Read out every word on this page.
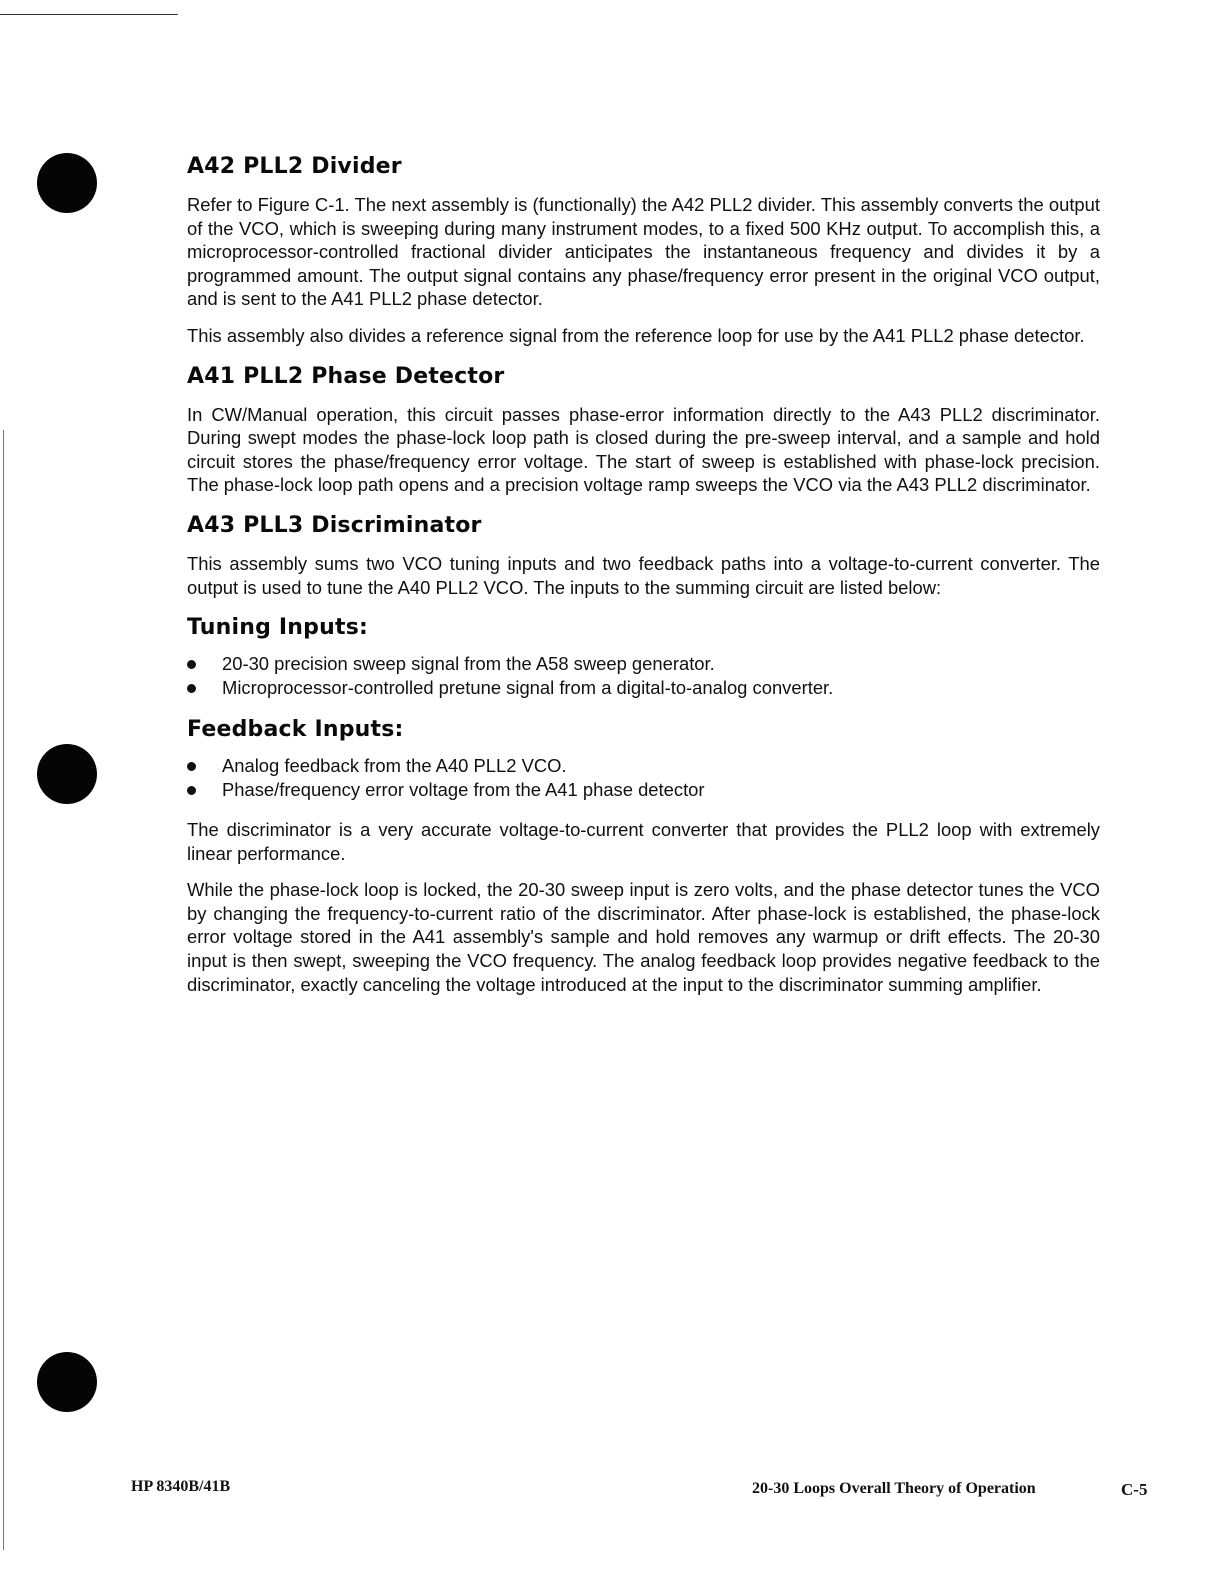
A42 PLL2 Divider

Refer to Figure C-1. The next assembly is (functionally) the A42 PLL2 divider. This assembly converts the output of the VCO, which is sweeping during many instrument modes, to a fixed 500 KHz output. To accomplish this, a microprocessor-controlled fractional divider anticipates the instantaneous frequency and divides it by a programmed amount. The output signal contains any phase/frequency error present in the original VCO output, and is sent to the A41 PLL2 phase detector.

This assembly also divides a reference signal from the reference loop for use by the A41 PLL2 phase detector.

A41 PLL2 Phase Detector

In CW/Manual operation, this circuit passes phase-error information directly to the A43 PLL2 discriminator. During swept modes the phase-lock loop path is closed during the pre-sweep interval, and a sample and hold circuit stores the phase/frequency error voltage. The start of sweep is established with phase-lock precision. The phase-lock loop path opens and a precision voltage ramp sweeps the VCO via the A43 PLL2 discriminator.

A43 PLL3 Discriminator

This assembly sums two VCO tuning inputs and two feedback paths into a voltage-to-current converter. The output is used to tune the A40 PLL2 VCO. The inputs to the summing circuit are listed below:

Tuning Inputs:
20-30 precision sweep signal from the A58 sweep generator.
Microprocessor-controlled pretune signal from a digital-to-analog converter.
Feedback Inputs:
Analog feedback from the A40 PLL2 VCO.
Phase/frequency error voltage from the A41 phase detector

The discriminator is a very accurate voltage-to-current converter that provides the PLL2 loop with extremely linear performance.

While the phase-lock loop is locked, the 20-30 sweep input is zero volts, and the phase detector tunes the VCO by changing the frequency-to-current ratio of the discriminator. After phase-lock is established, the phase-lock error voltage stored in the A41 assembly's sample and hold removes any warmup or drift effects. The 20-30 input is then swept, sweeping the VCO frequency. The analog feedback loop provides negative feedback to the discriminator, exactly canceling the voltage introduced at the input to the discriminator summing amplifier.

HP 8340B/41B	20-30 Loops Overall Theory of Operation	C-5
